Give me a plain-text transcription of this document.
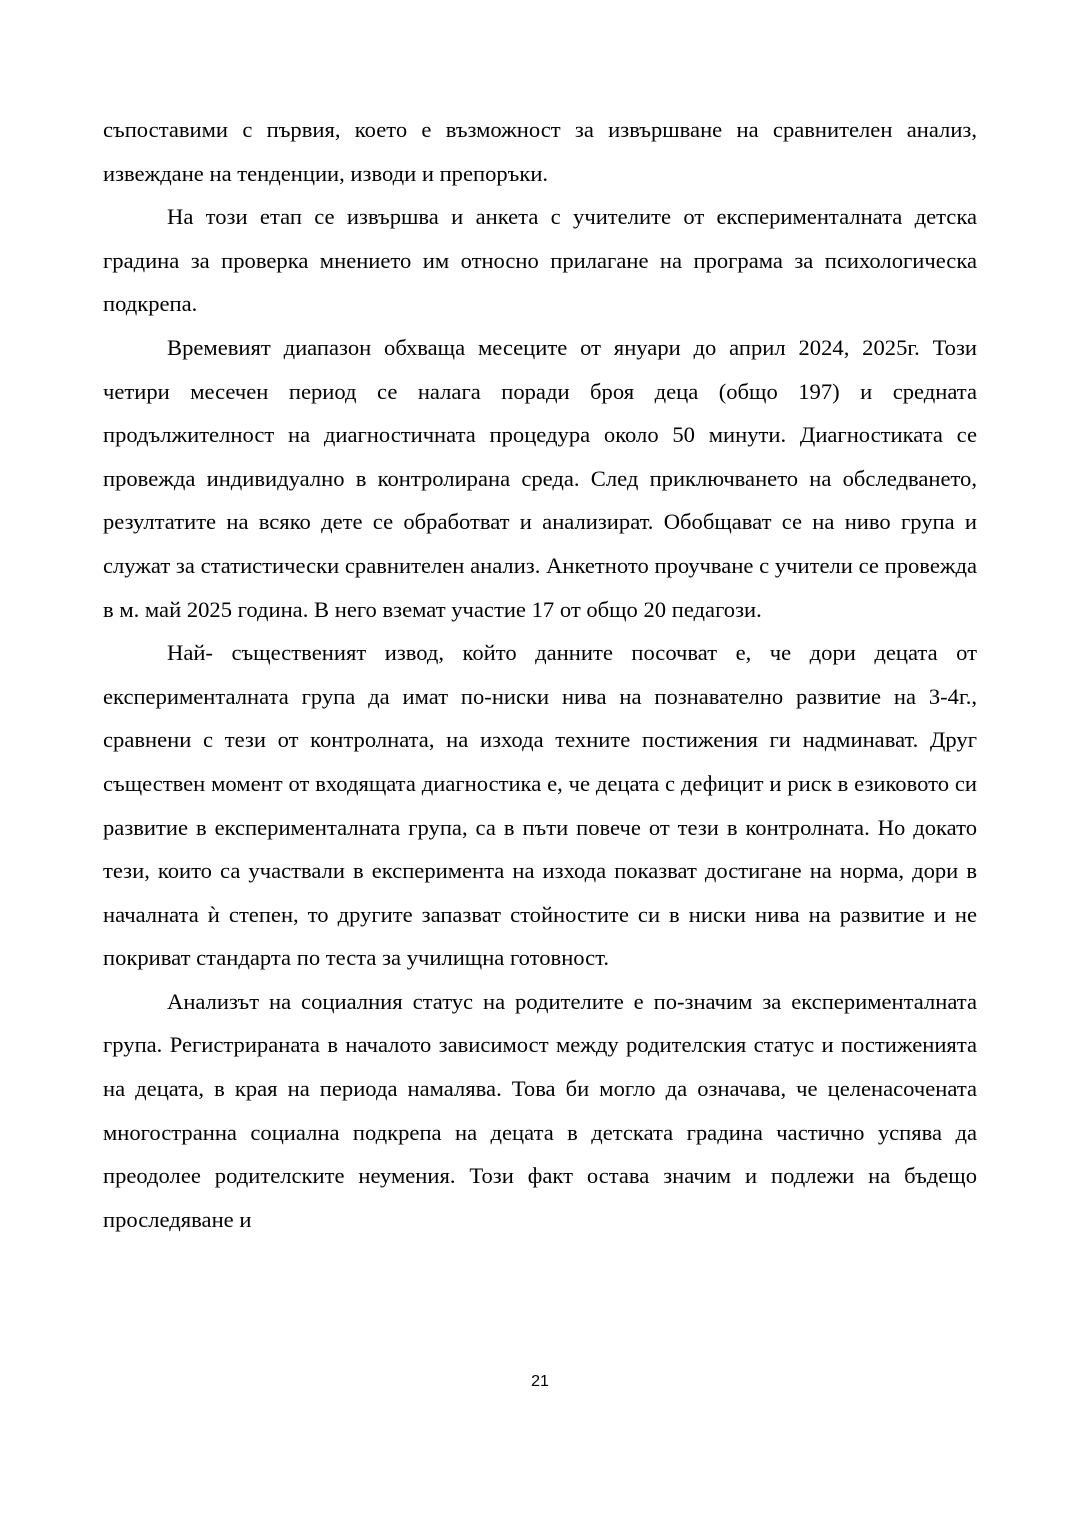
съпоставими с първия, което е възможност за извършване на сравнителен анализ, извеждане на тенденции, изводи и препоръки.

На този етап се извършва и анкета с учителите от експерименталната детска градина за проверка мнението им относно прилагане на програма за психологическа подкрепа.

Времевият диапазон обхваща месеците от януари до април 2024, 2025г. Този четири месечен период се налага поради броя деца (общо 197) и средната продължителност на диагностичната процедура около 50 минути. Диагностиката се провежда индивидуално в контролирана среда. След приключването на обследването, резултатите на всяко дете се обработват и анализират. Обобщават се на ниво група и служат за статистически сравнителен анализ. Анкетното проучване с учители се провежда в м. май 2025 година. В него вземат участие 17 от общо 20 педагози.

Най- съществeният извод, който данните посочват е, че дори децата от експерименталната група да имат по-ниски нива на познавателно развитие на 3-4г., сравнени с тези от контролната, на изхода техните постижения ги надминават. Друг съществен момент от входящата диагностика е, че децата с дефицит и риск в езиковото си развитие в експерименталната група, са в пъти повече от тези в контролната. Но докато тези, които са участвали в експеримента на изхода показват достигане на норма, дори в началната ѝ степен, то другите запазват стойностите си в ниски нива на развитие и не покриват стандарта по теста за училищна готовност.

Анализът на социалния статус на родителите е по-значим за експерименталната група. Регистрираната в началото зависимост между родителския статус и постиженията на децата, в края на периода намалява. Това би могло да означава, че целенасочената многостранна социална подкрепа на децата в детската градина частично успява да преодолее родителските неумения. Този факт остава значим и подлежи на бъдещо проследяване и

21
